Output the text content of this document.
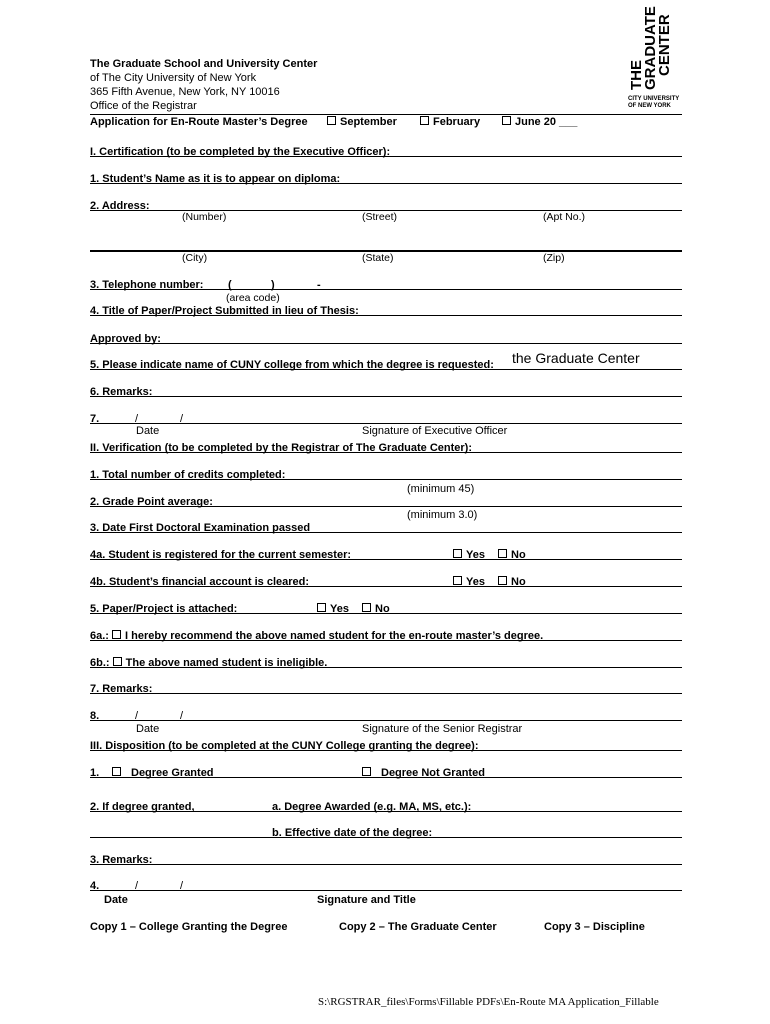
THE
GRADUATE
CENTER
CITY UNIVERSITY
OF NEW YORK
The Graduate School and University Center
of The City University of New York
365 Fifth Avenue, New York, NY 10016
Office of the Registrar
Application for En-Route Master’s Degree	September	February	June 20 ___
I. Certification (to be completed by the Executive Officer):
1. Student’s Name as it is to appear on diploma:
2. Address:
(Number)	(Street)	(Apt No.)
(City)	(State)	(Zip)
3. Telephone number: (	)	-
(area code)
4. Title of Paper/Project Submitted in lieu of Thesis:
Approved by:
5. Please indicate name of CUNY college from which the degree is requested: the Graduate Center
6. Remarks:
7.	/	/
Date	Signature of Executive Officer
II. Verification (to be completed by the Registrar of The Graduate Center):
1. Total number of credits completed:
(minimum 45)
2. Grade Point average:
(minimum 3.0)
3. Date First Doctoral Examination passed
4a. Student is registered for the current semester:	Yes	No
4b. Student’s financial account is cleared:	Yes	No
5. Paper/Project is attached:	Yes	No
6a.: I hereby recommend the above named student for the en-route master’s degree.
6b.: The above named student is ineligible.
7. Remarks:
8.	/	/
Date	Signature of the Senior Registrar
III. Disposition (to be completed at the CUNY College granting the degree):
1.	Degree Granted	Degree Not Granted
2. If degree granted,	a. Degree Awarded (e.g. MA, MS, etc.):
b. Effective date of the degree:
3. Remarks:
4.	/	/
Date	Signature and Title
Copy 1 – College Granting the Degree	Copy 2 – The Graduate Center	Copy 3 – Discipline
S:\RGSTRAR_files\Forms\Fillable PDFs\En-Route MA Application_Fillable
